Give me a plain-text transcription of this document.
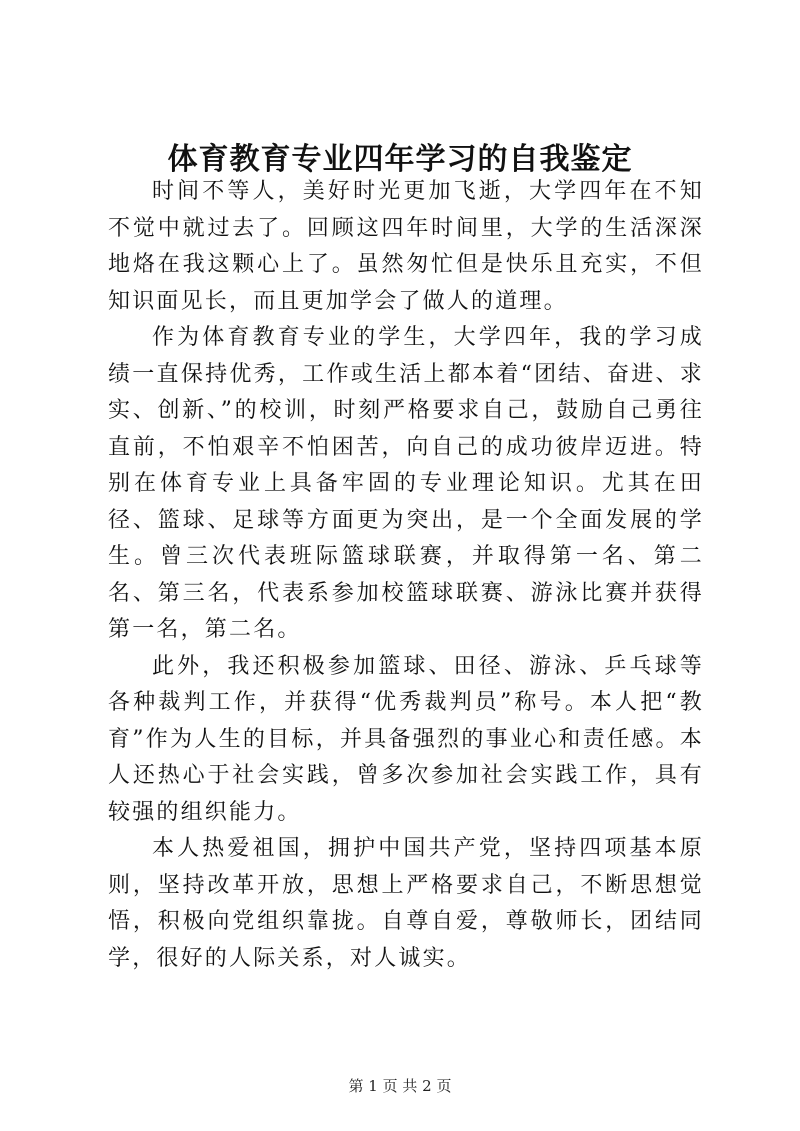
体育教育专业四年学习的自我鉴定

时间不等人，美好时光更加飞逝，大学四年在不知不觉中就过去了。回顾这四年时间里，大学的生活深深地烙在我这颗心上了。虽然匆忙但是快乐且充实，不但知识面见长，而且更加学会了做人的道理。

作为体育教育专业的学生，大学四年，我的学习成绩一直保持优秀，工作或生活上都本着“团结、奋进、求实、创新、”的校训，时刻严格要求自己，鼓励自己勇往直前，不怕艰辛不怕困苦，向自己的成功彼岸迈进。特别在体育专业上具备牢固的专业理论知识。尤其在田径、篮球、足球等方面更为突出，是一个全面发展的学生。曾三次代表班际篮球联赛，并取得第一名、第二名、第三名，代表系参加校篮球联赛、游泳比赛并获得第一名，第二名。

此外，我还积极参加篮球、田径、游泳、乒乓球等各种裁判工作，并获得“优秀裁判员”称号。本人把“教育”作为人生的目标，并具备强烈的事业心和责任感。本人还热心于社会实践，曾多次参加社会实践工作，具有较强的组织能力。

本人热爱祖国，拥护中国共产党，坚持四项基本原则，坚持改革开放，思想上严格要求自己，不断思想觉悟，积极向党组织靠拢。自尊自爱，尊敬师长，团结同学，很好的人际关系，对人诚实。

第 1 页 共 2 页
